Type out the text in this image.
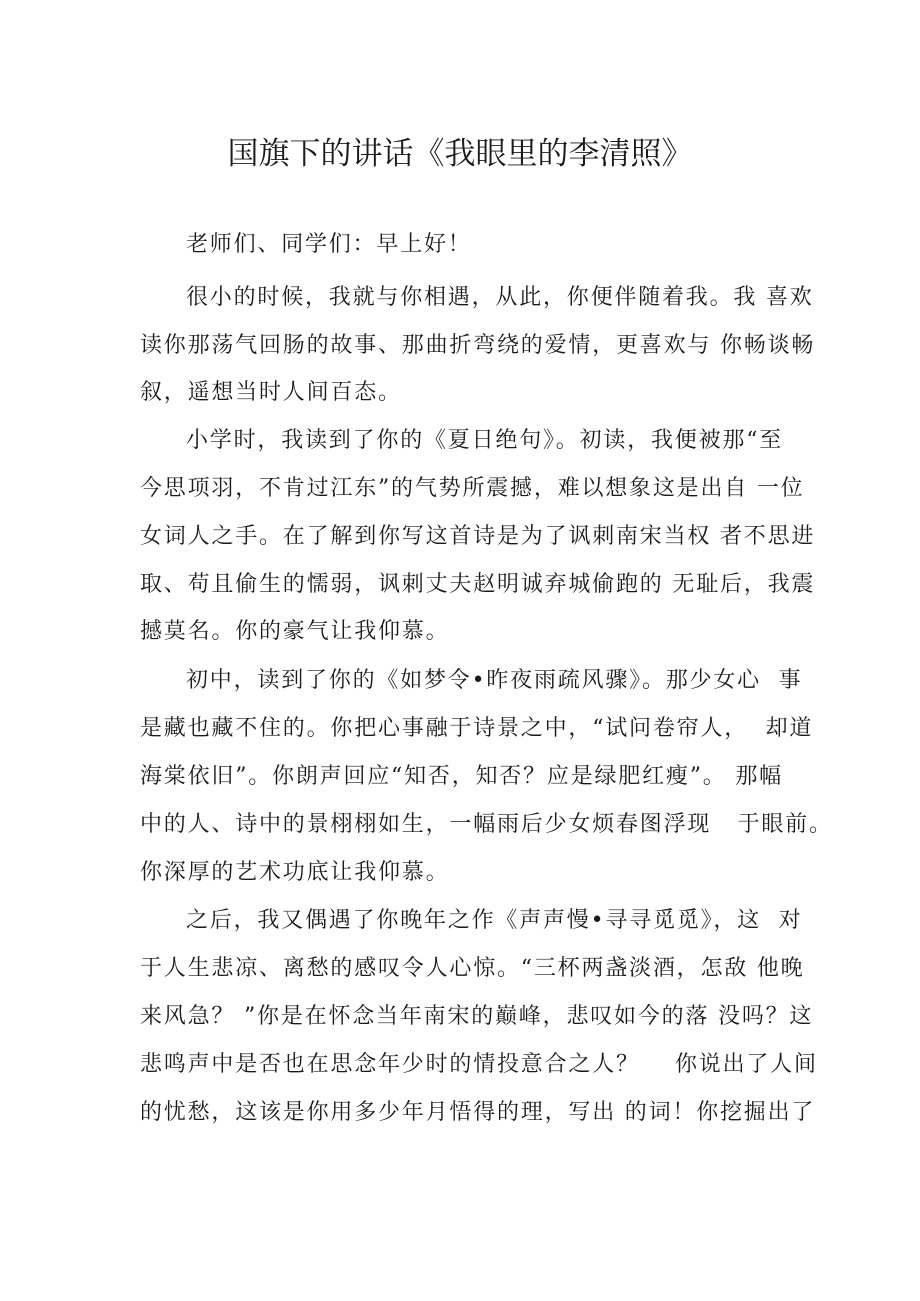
国旗下的讲话《我眼里的李清照》
老师们、同学们：早上好！
很小的时候，我就与你相遇，从此，你便伴随着我。我 喜欢
读你那荡气回肠的故事、那曲折弯绕的爱情，更喜欢与 你畅谈畅
叙，遥想当时人间百态。
小学时，我读到了你的《夏日绝句》。初读，我便被那“至
今思项羽，不肯过江东”的气势所震撼，难以想象这是出自 一位
女词人之手。在了解到你写这首诗是为了讽刺南宋当权 者不思进
取、苟且偷生的懦弱，讽刺丈夫赵明诚弃城偷跑的 无耻后，我震
撼莫名。你的豪气让我仰慕。
初中，读到了你的《如梦令•昨夜雨疏风骤》。那少女心  事
是藏也藏不住的。你把心事融于诗景之中，“试问卷帘人，  却道
海棠依旧”。你朗声回应“知否，知否？应是绿肥红瘦”。 那幅
中的人、诗中的景栩栩如生，一幅雨后少女烦春图浮现   于眼前。
你深厚的艺术功底让我仰慕。
之后，我又偶遇了你晚年之作《声声慢•寻寻觅觅》，这  对
于人生悲凉、离愁的感叹令人心惊。“三杯两盏淡酒，怎敌 他晚
来风急？ ”你是在怀念当年南宋的巅峰，悲叹如今的落 没吗？这
悲鸣声中是否也在思念年少时的情投意合之人？    你说出了人间
的忧愁，这该是你用多少年月悟得的理，写出 的词！你挖掘出了
